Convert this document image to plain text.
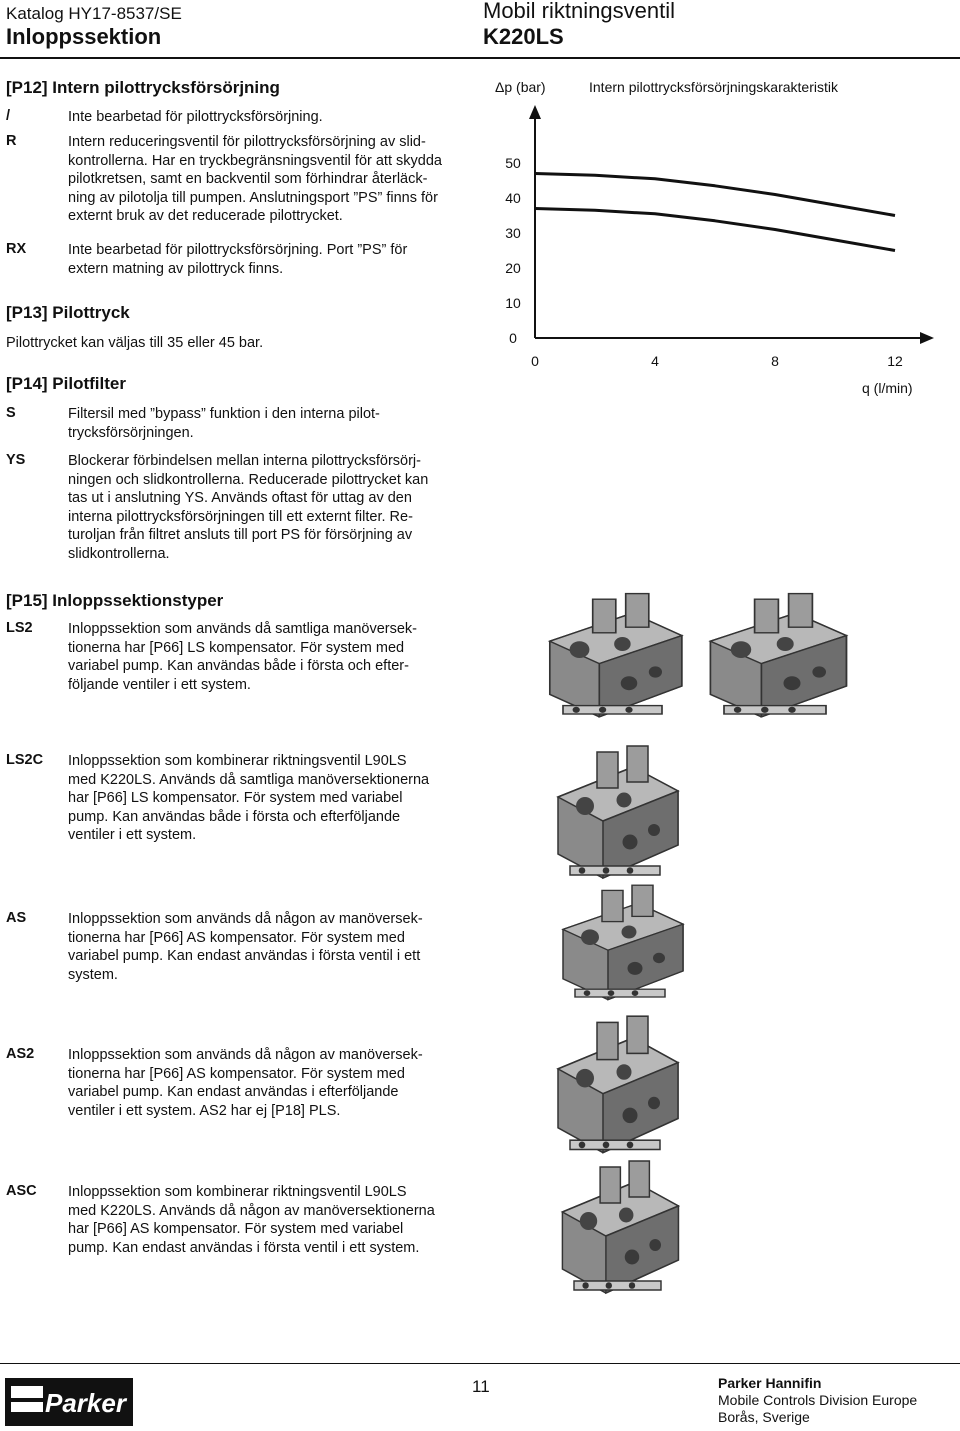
Katalog HY17-8537/SE
Inloppssektion
Mobil riktningsventil
K220LS
[P12] Intern pilottrycksförsörjning
/	Inte bearbetad för pilottrycksförsörjning.
R	Intern reduceringsventil för pilottrycksförsörjning av slid-
kontrollerna. Har en tryckbegränsningsventil för att skydda
pilotkretsen, samt en backventil som förhindrar återläck-
ning av pilotolja till pumpen. Anslutningsport ”PS” finns för
externt bruk av det reducerade pilottrycket.
RX	Inte bearbetad för pilottrycksförsörjning. Port ”PS” för
extern matning av pilottryck finns.
[P13] Pilottryck
Pilottrycket kan väljas till 35 eller 45 bar.
[P14] Pilotfilter
S	Filtersil med ”bypass” funktion i den interna pilot-
trycksförsörjningen.
YS	Blockerar förbindelsen mellan interna pilottrycksförsörj-
ningen och slidkontrollerna. Reducerade pilottrycket kan
tas ut i anslutning YS. Används oftast för uttag av den
interna pilottrycksförsörjningen till ett externt filter. Re-
turoljan från filtret ansluts till port PS för försörjning av
slidkontrollerna.
[P15] Inloppssektionstyper
LS2 Inloppssektion som används då samtliga manöversek-
tionerna har [P66] LS kompensator. För system med
variabel pump. Kan användas både i första och efter-
följande ventiler i ett system.
LS2C Inloppssektion som kombinerar riktningsventil L90LS
med K220LS. Används då samtliga manöversektionerna
har [P66] LS kompensator. För system med variabel
pump. Kan användas både i första och efterföljande
ventiler i ett system.
AS	Inloppssektion som används då någon av manöversek-
tionerna har [P66] AS kompensator. För system med
variabel pump. Kan endast användas i första ventil i ett
system.
AS2 Inloppssektion som används då någon av manöversek-
tionerna har [P66] AS kompensator. För system med
variabel pump. Kan endast användas i efterföljande
ventiler i ett system. AS2 har ej [P18] PLS.
ASC Inloppssektion som kombinerar riktningsventil L90LS
med K220LS. Används då någon av manöversektionerna
har [P66] AS kompensator. För system med variabel
pump. Kan endast användas i första ventil i ett system.
Δp (bar)	Intern pilottrycksförsörjningskarakteristik
q (l/min)
0
10
20
30
40
50
0	4	8	12
Parker
11	Parker Hannifin
Mobile Controls Division Europe
Borås, Sverige
